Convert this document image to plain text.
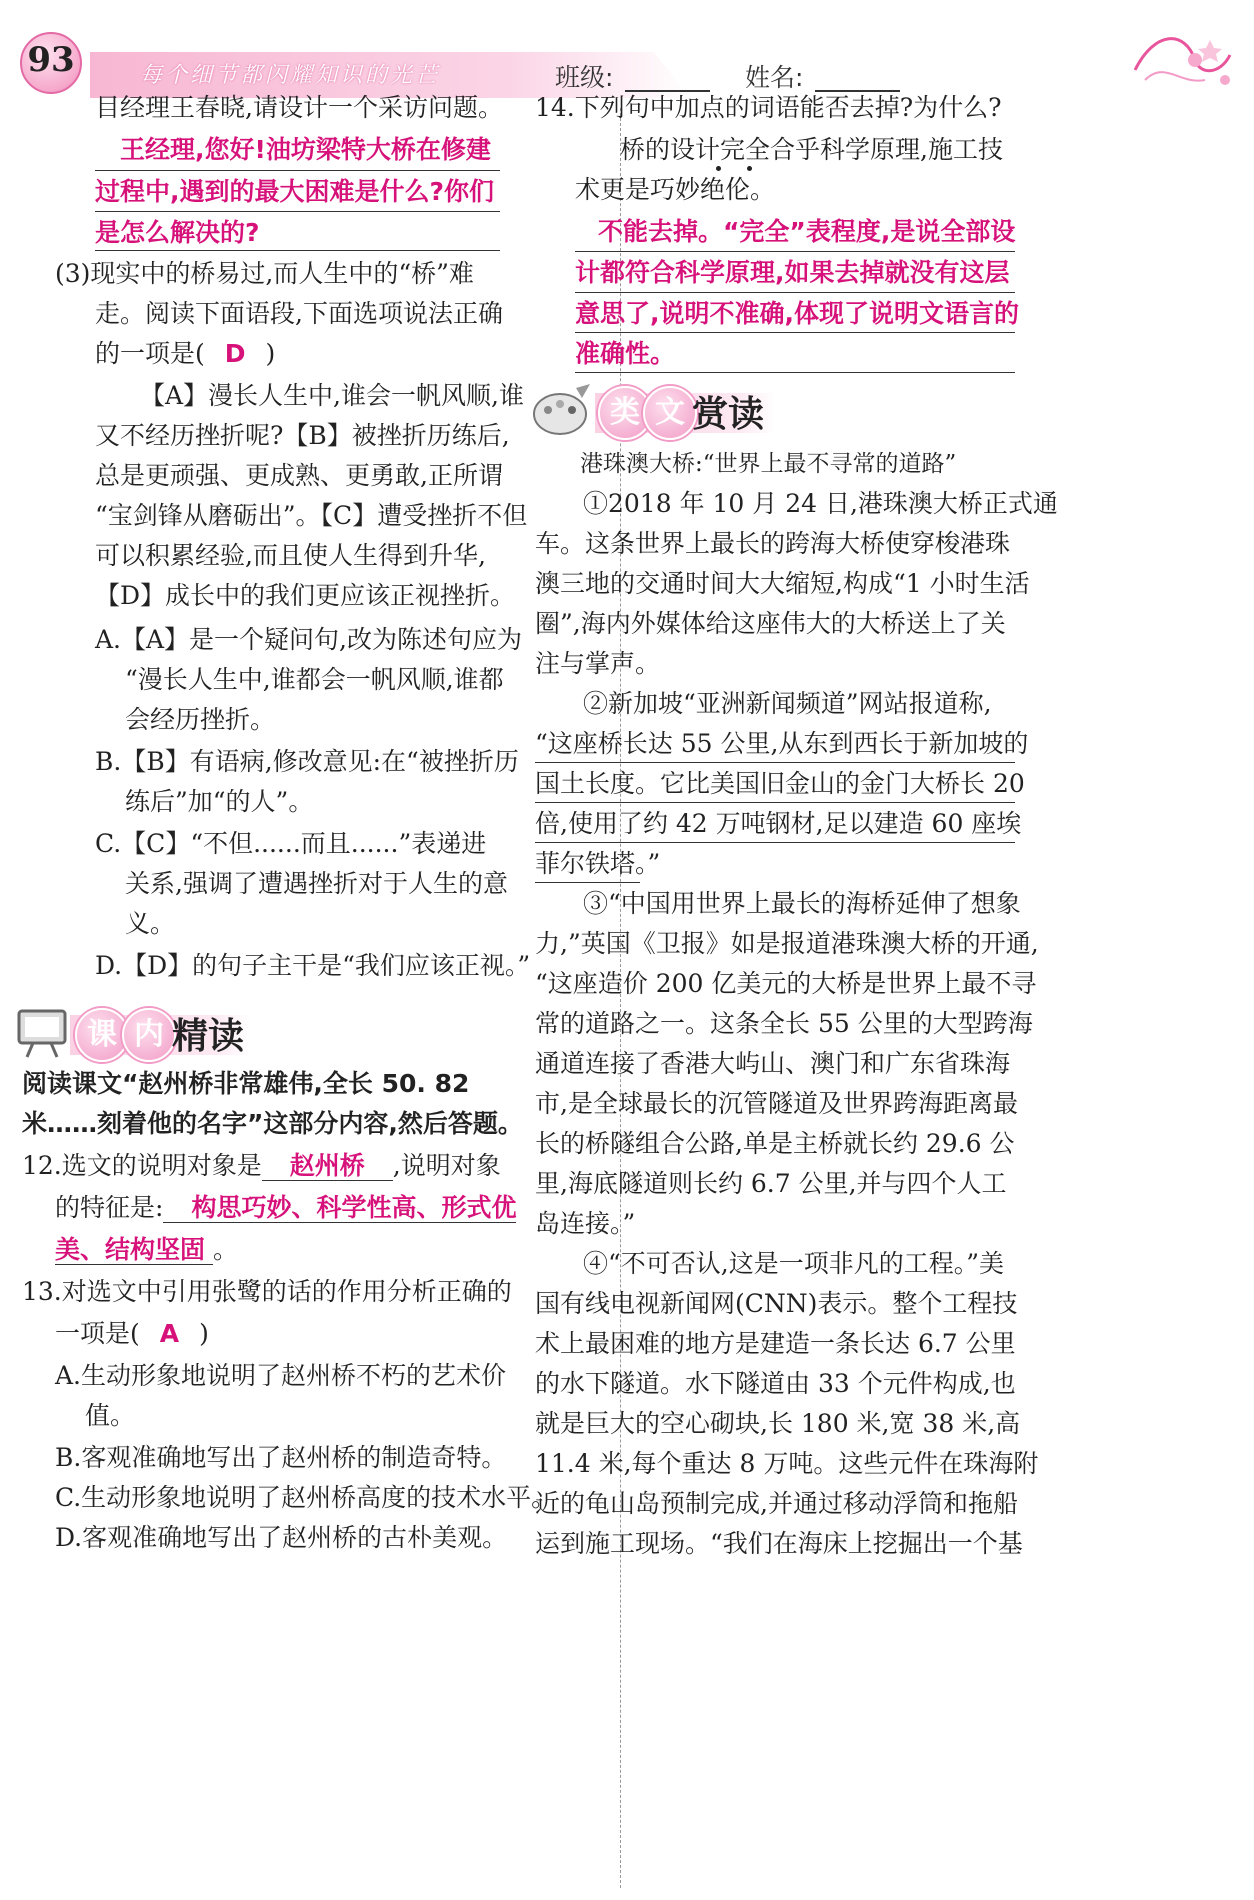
93	每个细节都闪耀知识的光芒	班级:	姓名:
目经理王春晓,请设计一个采访问题。
王经理,您好!油坊梁特大桥在修建
过程中,遇到的最大困难是什么?你们
是怎么解决的?
(3)现实中的桥易过,而人生中的“桥”难
走。阅读下面语段,下面选项说法正确
的一项是( D )
【A】漫长人生中,谁会一帆风顺,谁
又不经历挫折呢?【B】被挫折历练后,
总是更顽强、更成熟、更勇敢,正所谓
“宝剑锋从磨砺出”。【C】遭受挫折不但
可以积累经验,而且使人生得到升华,
【D】成长中的我们更应该正视挫折。
A.【A】是一个疑问句,改为陈述句应为
“漫长人生中,谁都会一帆风顺,谁都
会经历挫折。
B.【B】有语病,修改意见:在“被挫折历
练后”加“的人”。
C.【C】“不但......而且......”表递进
关系,强调了遭遇挫折对于人生的意
义。
D.【D】的句子主干是“我们应该正视。”
课 内 精读
阅读课文“赵州桥非常雄伟,全长 50. 82
米……刻着他的名字”这部分内容,然后答题。
12.选文的说明对象是 赵州桥 ,说明对象
的特征是: 构思巧妙、科学性高、形式优
美、结构坚固 。
13.对选文中引用张鹭的话的作用分析正确的
一项是( A )
A.生动形象地说明了赵州桥不朽的艺术价
值。
B.客观准确地写出了赵州桥的制造奇特。
C.生动形象地说明了赵州桥高度的技术水平。
D.客观准确地写出了赵州桥的古朴美观。
14.下列句中加点的词语能否去掉?为什么?
桥的设计完全合乎科学原理,施工技
术更是巧妙绝伦。
不能去掉。“完全”表程度,是说全部设
计都符合科学原理,如果去掉就没有这层
意思了,说明不准确,体现了说明文语言的
准确性。
类 文 赏读
港珠澳大桥:“世界上最不寻常的道路”
①2018 年 10 月 24 日,港珠澳大桥正式通
车。这条世界上最长的跨海大桥使穿梭港珠
澳三地的交通时间大大缩短,构成“1 小时生活
圈”,海内外媒体给这座伟大的大桥送上了关
注与掌声。
②新加坡“亚洲新闻频道”网站报道称,
“这座桥长达 55 公里,从东到西长于新加坡的
国土长度。它比美国旧金山的金门大桥长 20
倍,使用了约 42 万吨钢材,足以建造 60 座埃
菲尔铁塔。”
③“中国用世界上最长的海桥延伸了想象
力,”英国《卫报》如是报道港珠澳大桥的开通,
“这座造价 200 亿美元的大桥是世界上最不寻
常的道路之一。这条全长 55 公里的大型跨海
通道连接了香港大屿山、澳门和广东省珠海
市,是全球最长的沉管隧道及世界跨海距离最
长的桥隧组合公路,单是主桥就长约 29.6 公
里,海底隧道则长约 6.7 公里,并与四个人工
岛连接。”
④“不可否认,这是一项非凡的工程。”美
国有线电视新闻网(CNN)表示。整个工程技
术上最困难的地方是建造一条长达 6.7 公里
的水下隧道。水下隧道由 33 个元件构成,也
就是巨大的空心砌块,长 180 米,宽 38 米,高
11.4 米,每个重达 8 万吨。这些元件在珠海附
近的龟山岛预制完成,并通过移动浮筒和拖船
运到施工现场。“我们在海床上挖掘出一个基
